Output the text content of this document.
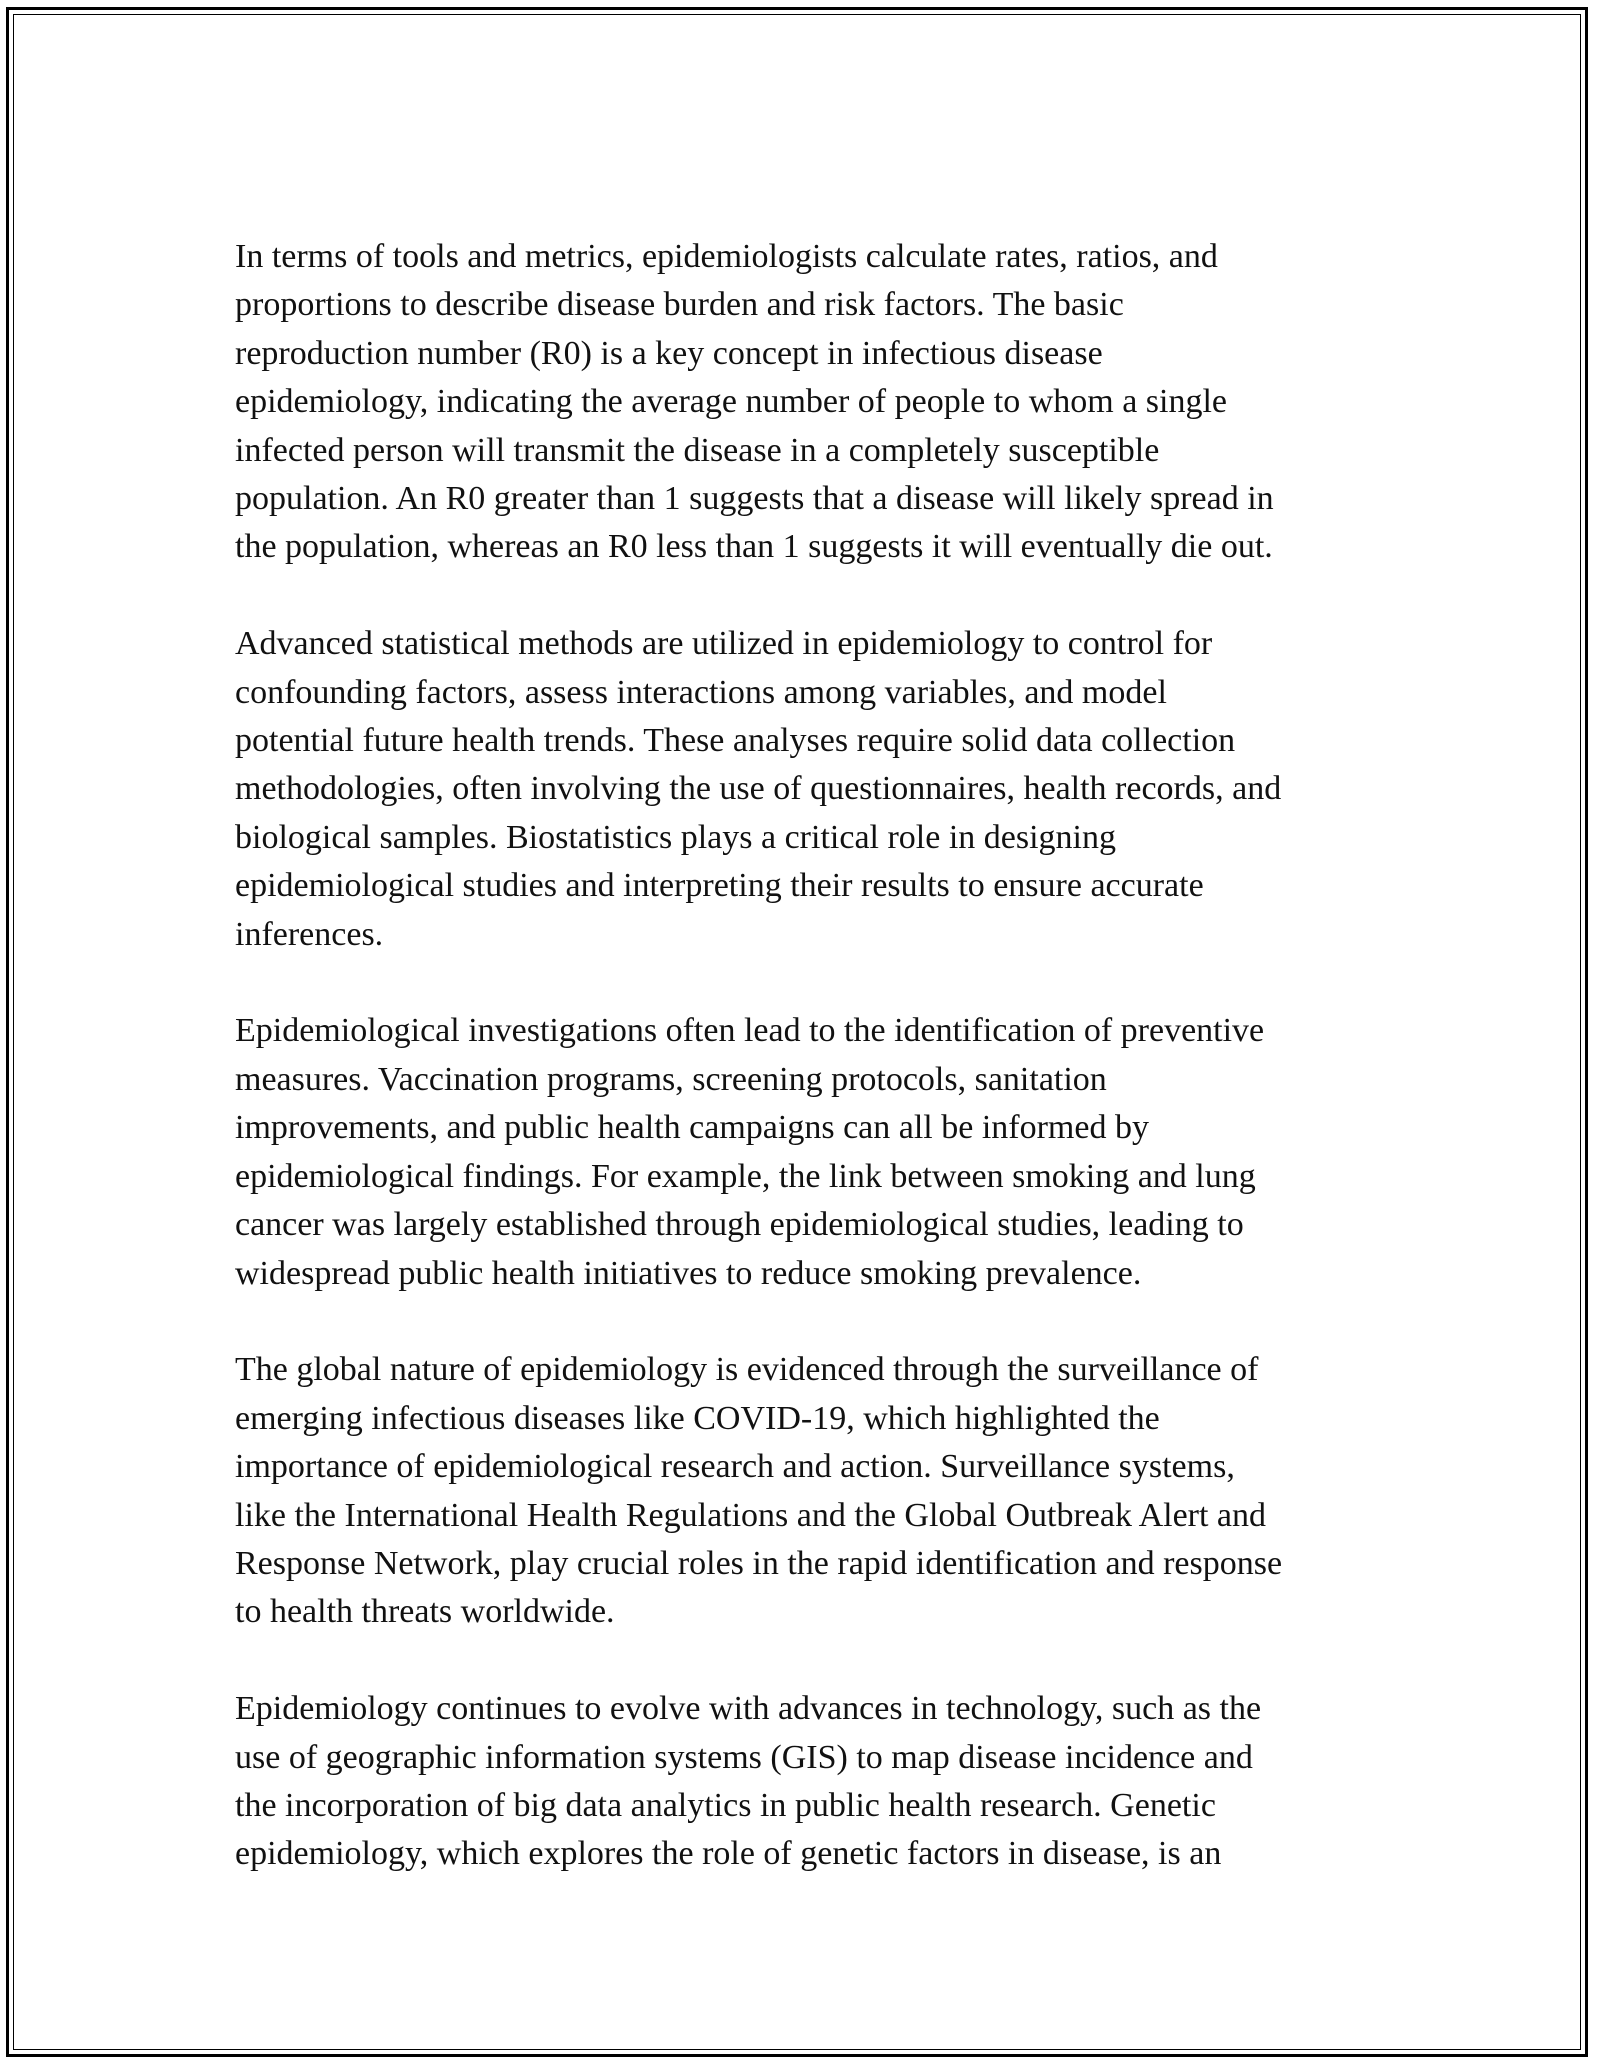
In terms of tools and metrics, epidemiologists calculate rates, ratios, and
proportions to describe disease burden and risk factors. The basic
reproduction number (R0) is a key concept in infectious disease
epidemiology, indicating the average number of people to whom a single
infected person will transmit the disease in a completely susceptible
population. An R0 greater than 1 suggests that a disease will likely spread in
the population, whereas an R0 less than 1 suggests it will eventually die out.

Advanced statistical methods are utilized in epidemiology to control for
confounding factors, assess interactions among variables, and model
potential future health trends. These analyses require solid data collection
methodologies, often involving the use of questionnaires, health records, and
biological samples. Biostatistics plays a critical role in designing
epidemiological studies and interpreting their results to ensure accurate
inferences.

Epidemiological investigations often lead to the identification of preventive
measures. Vaccination programs, screening protocols, sanitation
improvements, and public health campaigns can all be informed by
epidemiological findings. For example, the link between smoking and lung
cancer was largely established through epidemiological studies, leading to
widespread public health initiatives to reduce smoking prevalence.

The global nature of epidemiology is evidenced through the surveillance of
emerging infectious diseases like COVID-19, which highlighted the
importance of epidemiological research and action. Surveillance systems,
like the International Health Regulations and the Global Outbreak Alert and
Response Network, play crucial roles in the rapid identification and response
to health threats worldwide.

Epidemiology continues to evolve with advances in technology, such as the
use of geographic information systems (GIS) to map disease incidence and
the incorporation of big data analytics in public health research. Genetic
epidemiology, which explores the role of genetic factors in disease, is an
